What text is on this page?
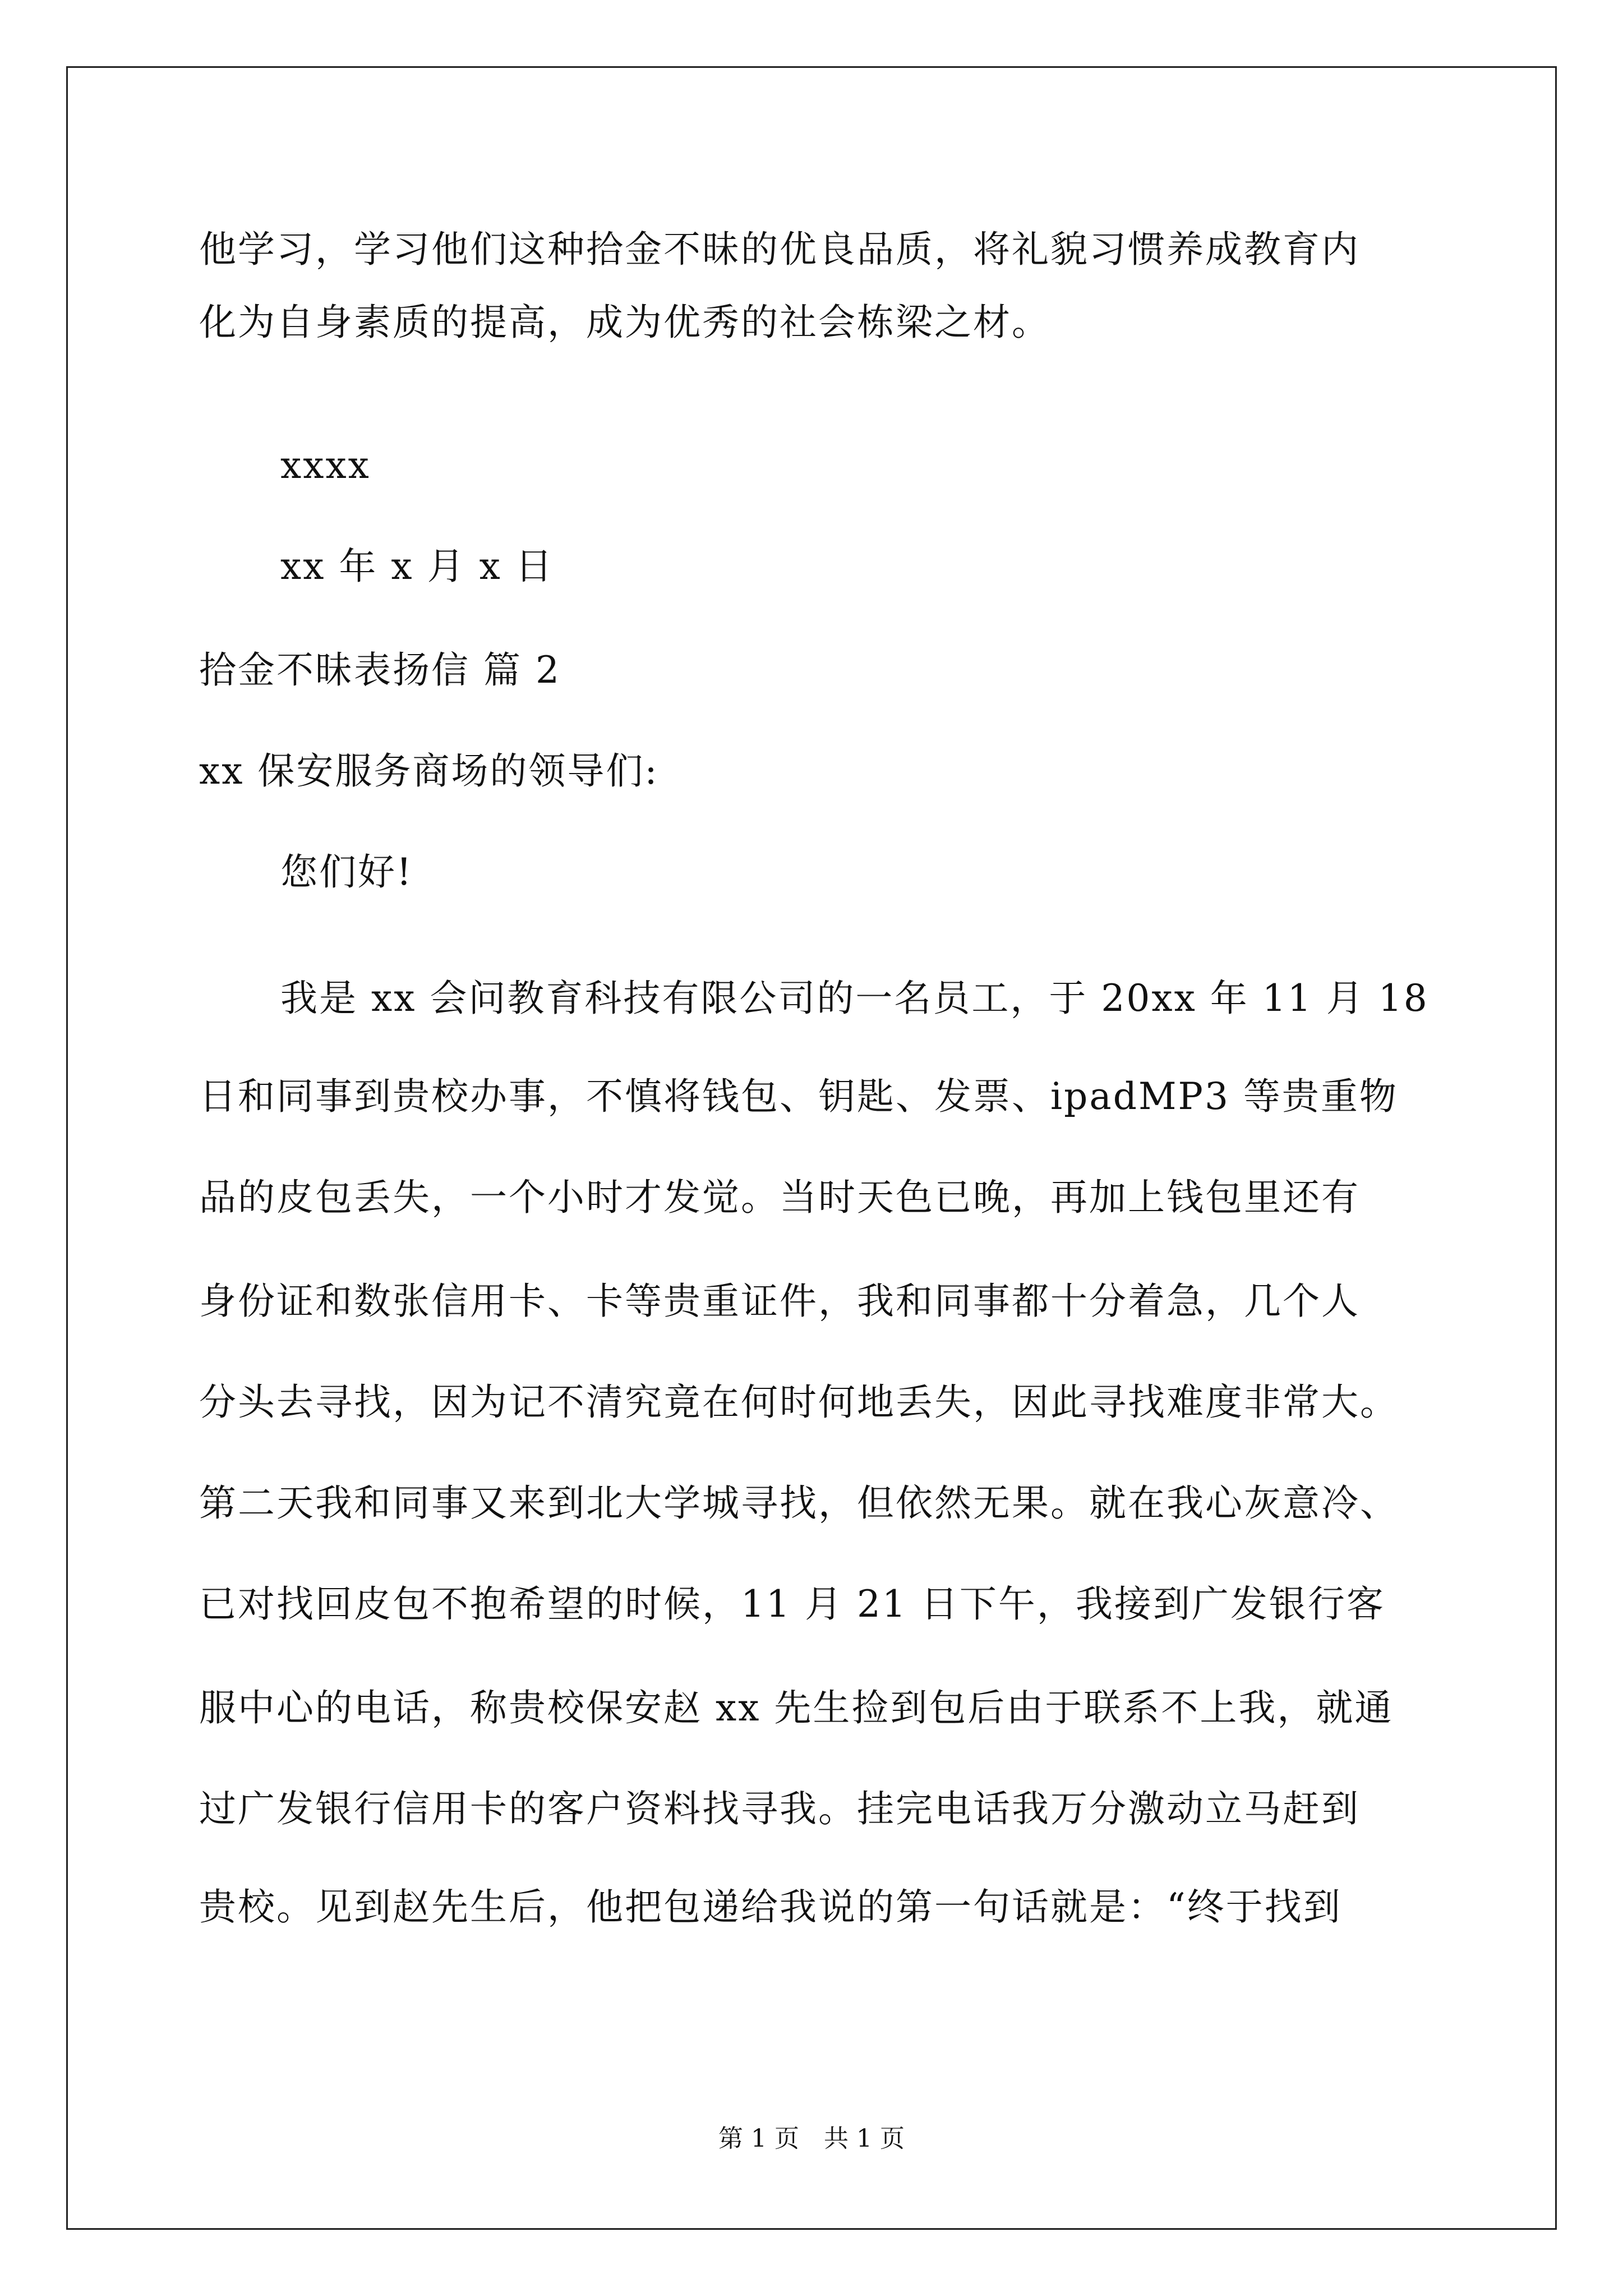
他学习，学习他们这种拾金不昧的优良品质，将礼貌习惯养成教育内
化为自身素质的提高，成为优秀的社会栋梁之材。
xxxx
xx 年 x 月 x 日
拾金不昧表扬信 篇 2
xx 保安服务商场的领导们:
您们好!
我是 xx 会问教育科技有限公司的一名员工，于 20xx 年 11 月 18
日和同事到贵校办事，不慎将钱包、钥匙、发票、ipadMP3 等贵重物
品的皮包丢失，一个小时才发觉。当时天色已晚，再加上钱包里还有
身份证和数张信用卡、卡等贵重证件，我和同事都十分着急，几个人
分头去寻找，因为记不清究竟在何时何地丢失，因此寻找难度非常大。
第二天我和同事又来到北大学城寻找，但依然无果。就在我心灰意冷、
已对找回皮包不抱希望的时候，11 月 21 日下午，我接到广发银行客
服中心的电话，称贵校保安赵 xx 先生捡到包后由于联系不上我，就通
过广发银行信用卡的客户资料找寻我。挂完电话我万分激动立马赶到
贵校。见到赵先生后，他把包递给我说的第一句话就是：“终于找到
第 1 页　共 1 页
